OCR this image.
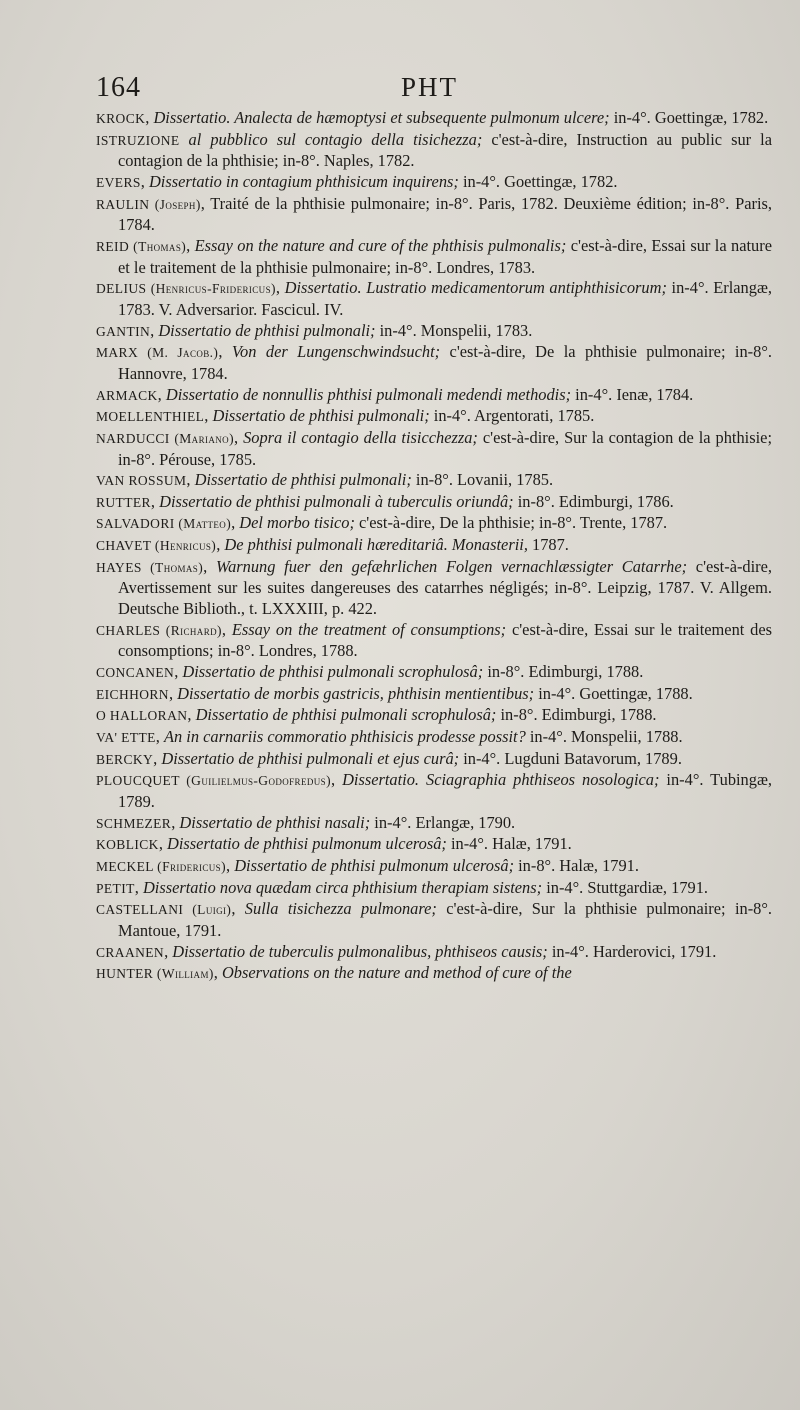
164	PHT
KROCK, Dissertatio. Analecta de hæmoptysi et subsequente pulmonum ulcere; in-4°. Goettingæ, 1782.
ISTRUZIONE al pubblico sul contagio della tisichezza; c'est-à-dire, Instruction au public sur la contagion de la phthisie; in-8°. Naples, 1782.
EVERS, Dissertatio in contagium phthisicum inquirens; in-4°. Goettingæ, 1782.
RAULIN (Joseph), Traité de la phthisie pulmonaire; in-8°. Paris, 1782. Deuxième édition; in-8°. Paris, 1784.
REID (Thomas), Essay on the nature and cure of the phthisis pulmonalis; c'est-à-dire, Essai sur la nature et le traitement de la phthisie pulmonaire; in-8°. Londres, 1783.
DELIUS (Henricus-Fridericus), Dissertatio. Lustratio medicamentorum antiphthisicorum; in-4°. Erlangæ, 1783. V. Adversarior. Fascicul. IV.
GANTIN, Dissertatio de phthisi pulmonali; in-4°. Monspelii, 1783.
MARX (M. Jacob.), Von der Lungenschwindsucht; c'est-à-dire, De la phthisie pulmonaire; in-8°. Hannovre, 1784.
ARMACK, Dissertatio de nonnullis phthisi pulmonali medendi methodis; in-4°. Ienæ, 1784.
MOELLENTHIEL, Dissertatio de phthisi pulmonali; in-4°. Argentorati, 1785.
NARDUCCI (Mariano), Sopra il contagio della tisicchezza; c'est-à-dire, Sur la contagion de la phthisie; in-8°. Pérouse, 1785.
VAN ROSSUM, Dissertatio de phthisi pulmonali; in-8°. Lovanii, 1785.
RUTTER, Dissertatio de phthisi pulmonali à tuberculis oriundâ; in-8°. Edimburgi, 1786.
SALVADORI (Matteo), Del morbo tisico; c'est-à-dire, De la phthisie; in-8°. Trente, 1787.
CHAVET (Henricus), De phthisi pulmonali hæreditariâ. Monasterii, 1787.
HAYES (Thomas), Warnung fuer den gefæhrlichen Folgen vernachlæssigter Catarrhe; c'est-à-dire, Avertissement sur les suites dangereuses des catarrhes négligés; in-8°. Leipzig, 1787. V. Allgem. Deutsche Biblioth., t. LXXXIII, p. 422.
CHARLES (Richard), Essay on the treatment of consumptions; c'est-à-dire, Essai sur le traitement des consomptions; in-8°. Londres, 1788.
CONCANEN, Dissertatio de phthisi pulmonali scrophulosâ; in-8°. Edimburgi, 1788.
EICHHORN, Dissertatio de morbis gastricis, phthisin mentientibus; in-4°. Goettingæ, 1788.
O HALLORAN, Dissertatio de phthisi pulmonali scrophulosâ; in-8°. Edimburgi, 1788.
VA' ETTE, An in carnariis commoratio phthisicis prodesse possit? in-4°. Monspelii, 1788.
BERCKY, Dissertatio de phthisi pulmonali et ejus curâ; in-4°. Lugduni Batavorum, 1789.
PLOUCQUET (Guilielmus-Godofredus), Dissertatio. Sciagraphia phthiseos nosologica; in-4°. Tubingæ, 1789.
SCHMEZER, Dissertatio de phthisi nasali; in-4°. Erlangæ, 1790.
KOBLICK, Dissertatio de phthisi pulmonum ulcerosâ; in-4°. Halæ, 1791.
MECKEL (Fridericus), Dissertatio de phthisi pulmonum ulcerosâ; in-8°. Halæ, 1791.
PETIT, Dissertatio nova quædam circa phthisium therapiam sistens; in-4°. Stuttgardiæ, 1791.
CASTELLANI (Luigi), Sulla tisichezza pulmonare; c'est-à-dire, Sur la phthisie pulmonaire; in-8°. Mantoue, 1791.
CRAANEN, Dissertatio de tuberculis pulmonalibus, phthiseos causis; in-4°. Harderovici, 1791.
HUNTER (William), Observations on the nature and method of cure of the
